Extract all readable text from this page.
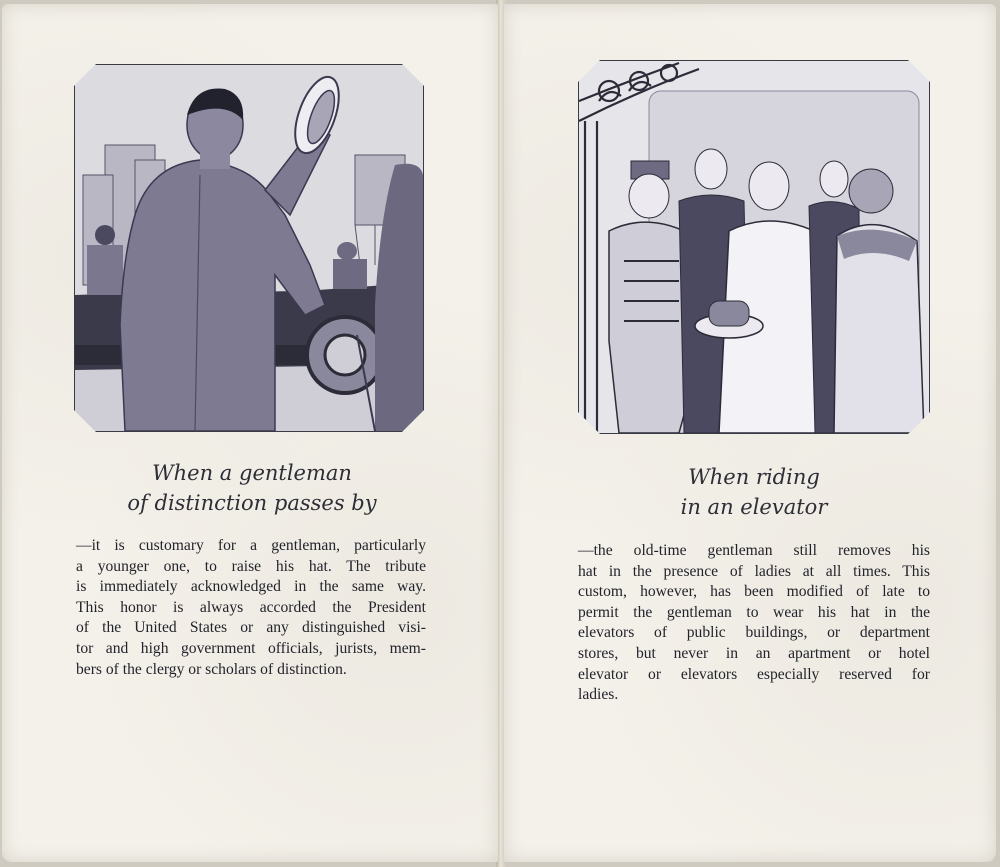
When a gentleman
of distinction passes by
—it is customary for a gentleman, particularly
a younger one, to raise his hat. The tribute
is immediately acknowledged in the same way.
This honor is always accorded the President
of the United States or any distinguished visi-
tor and high government officials, jurists, mem-
bers of the clergy or scholars of distinction.
When riding
in an elevator
—the old-time gentleman still removes his
hat in the presence of ladies at all times. This
custom, however, has been modified of late to
permit the gentleman to wear his hat in the
elevators of public buildings, or department
stores, but never in an apartment or hotel
elevator or elevators especially reserved for
ladies.
